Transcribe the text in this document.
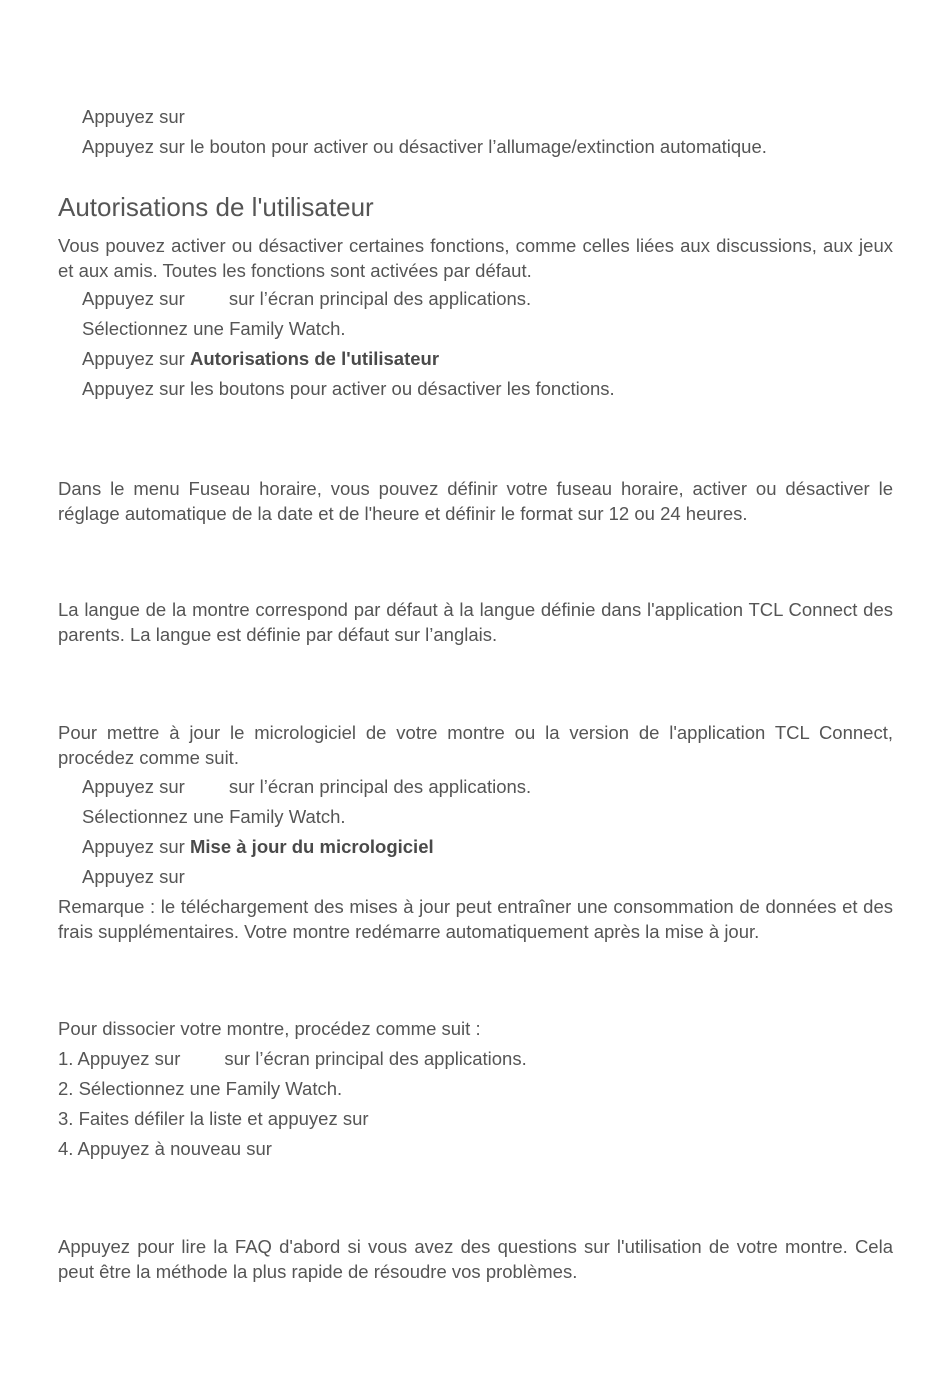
Appuyez sur
Appuyez sur le bouton pour activer ou désactiver l’allumage/extinction automatique.
Autorisations de l'utilisateur
Vous pouvez activer ou désactiver certaines fonctions, comme celles liées aux discussions, aux jeux et aux amis. Toutes les fonctions sont activées par défaut.
Appuyez sur sur l’écran principal des applications.
Sélectionnez une Family Watch.
Appuyez sur Autorisations de l'utilisateur
Appuyez sur les boutons pour activer ou désactiver les fonctions.
Dans le menu Fuseau horaire, vous pouvez définir votre fuseau horaire, activer ou désactiver le réglage automatique de la date et de l'heure et définir le format sur 12 ou 24 heures.
La langue de la montre correspond par défaut à la langue définie dans l'application TCL Connect des parents. La langue est définie par défaut sur l’anglais.
Pour mettre à jour le micrologiciel de votre montre ou la version de l'application TCL Connect, procédez comme suit.
Appuyez sur sur l’écran principal des applications.
Sélectionnez une Family Watch.
Appuyez sur Mise à jour du micrologiciel
Appuyez sur
Remarque : le téléchargement des mises à jour peut entraîner une consommation de données et des frais supplémentaires. Votre montre redémarre automatiquement après la mise à jour.
Pour dissocier votre montre, procédez comme suit :
1. Appuyez sur sur l’écran principal des applications.
2. Sélectionnez une Family Watch.
3. Faites défiler la liste et appuyez sur
4. Appuyez à nouveau sur
Appuyez pour lire la FAQ d'abord si vous avez des questions sur l'utilisation de votre montre. Cela peut être la méthode la plus rapide de résoudre vos problèmes.
